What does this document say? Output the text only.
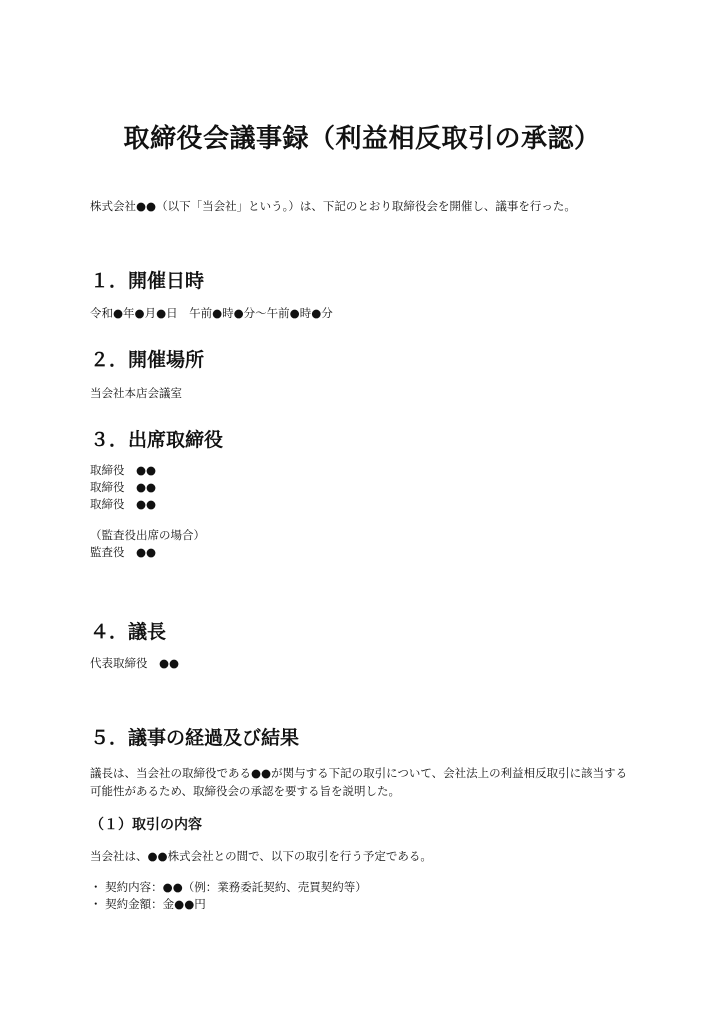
取締役会議事録（利益相反取引の承認）

株式会社●●（以下「当会社」という。）は、下記のとおり取締役会を開催し、議事を行った。

１．開催日時

令和●年●月●日　午前●時●分〜午前●時●分

２．開催場所

当会社本店会議室

３．出席取締役
取締役　●●
取締役　●●
取締役　●●
（監査役出席の場合）
監査役　●●
４．議長

代表取締役　●●

５．議事の経過及び結果

議長は、当会社の取締役である●●が関与する下記の取引について、会社法上の利益相反取引に該当する可能性があるため、取締役会の承認を要する旨を説明した。

（１）取引の内容

当会社は、●●株式会社との間で、以下の取引を行う予定である。

・ 契約内容：●●（例：業務委託契約、売買契約等）
・ 契約金額：金●●円
